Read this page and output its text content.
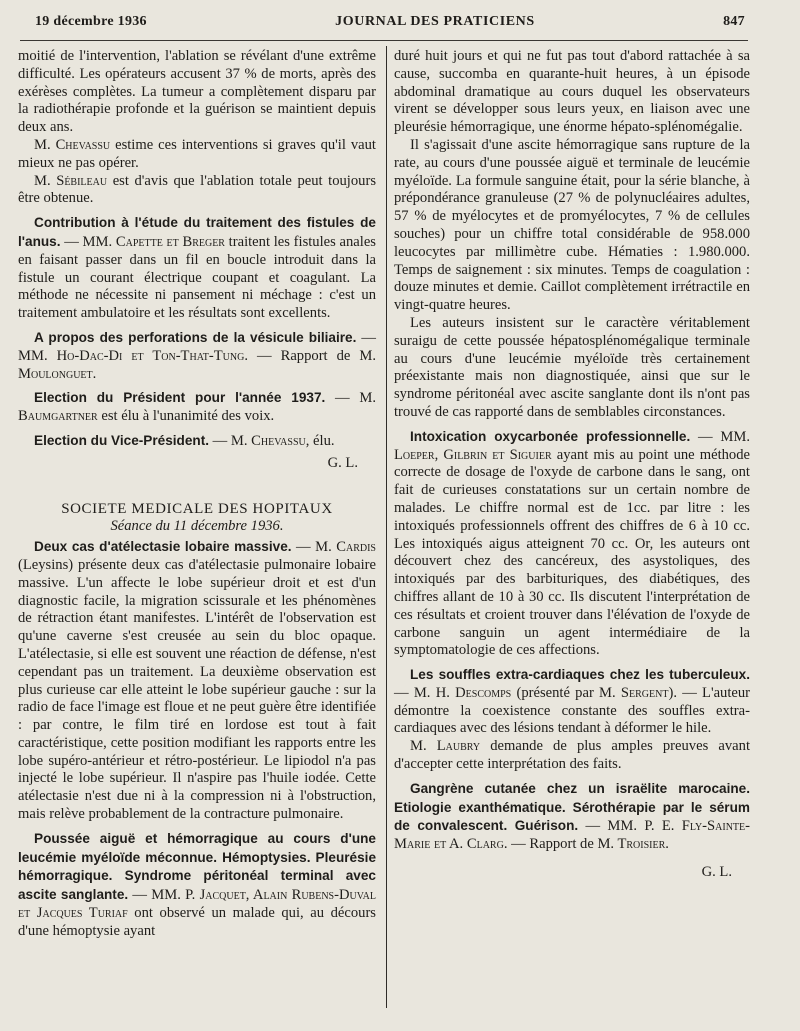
19 décembre 1936	JOURNAL DES PRATICIENS	847

moitié de l'intervention, l'ablation se révélant d'une extrême difficulté. Les opérateurs accusent 37 % de morts, après des exérèses complètes. La tumeur a complètement disparu par la radiothérapie profonde et la guérison se maintient depuis deux ans.

M. Chevassu estime ces interventions si graves qu'il vaut mieux ne pas opérer.

M. Sébileau est d'avis que l'ablation totale peut toujours être obtenue.

Contribution à l'étude du traitement des fistules de l'anus. — MM. Capette et Breger traitent les fistules anales en faisant passer dans un fil en boucle introduit dans la fistule un courant électrique coupant et coagulant. La méthode ne nécessite ni pansement ni méchage : c'est un traitement ambulatoire et les résultats sont excellents.

A propos des perforations de la vésicule biliaire. — MM. Ho-Dac-Di et Ton-That-Tung. — Rapport de M. Moulonguet.

Election du Président pour l'année 1937. — M. Baumgartner est élu à l'unanimité des voix.

Election du Vice-Président. — M. Chevassu, élu.

G. L.

SOCIETE MEDICALE DES HOPITAUX

Séance du 11 décembre 1936.

Deux cas d'atélectasie lobaire massive. — M. Cardis (Leysins) présente deux cas d'atélectasie pulmonaire lobaire massive. L'un affecte le lobe supérieur droit et est d'un diagnostic facile, la migration scissurale et les phénomènes de rétraction étant manifestes. L'intérêt de l'observation est qu'une caverne s'est creusée au sein du bloc opaque. L'atélectasie, si elle est souvent une réaction de défense, n'est cependant pas un traitement. La deuxième observation est plus curieuse car elle atteint le lobe supérieur gauche : sur la radio de face l'image est floue et ne peut guère être identifiée : par contre, le film tiré en lordose est tout à fait caractéristique, cette position modifiant les rapports entre les lobe supéro-antérieur et rétro-postérieur. Le lipiodol n'a pas injecté le lobe supérieur. Il n'aspire pas l'huile iodée. Cette atélectasie n'est due ni à la compression ni à l'obstruction, mais relève probablement de la contracture pulmonaire.

Poussée aiguë et hémorragique au cours d'une leucémie myéloïde méconnue. Hémoptysies. Pleurésie hémorragique. Syndrome péritonéal terminal avec ascite sanglante. — MM. P. Jacquet, Alain Rubens-Duval et Jacques Turiaf ont observé un malade qui, au décours d'une hémoptysie ayant

duré huit jours et qui ne fut pas tout d'abord rattachée à sa cause, succomba en quarante-huit heures, à un épisode abdominal dramatique au cours duquel les observateurs virent se développer sous leurs yeux, en liaison avec une pleurésie hémorragique, une énorme hépato-splénomégalie.

Il s'agissait d'une ascite hémorragique sans rupture de la rate, au cours d'une poussée aiguë et terminale de leucémie myéloïde. La formule sanguine était, pour la série blanche, à prépondérance granuleuse (27 % de polynucléaires adultes, 57 % de myélocytes et de promyélocytes, 7 % de cellules souches) pour un chiffre total considérable de 958.000 leucocytes par millimètre cube. Hématies : 1.980.000. Temps de saignement : six minutes. Temps de coagulation : douze minutes et demie. Caillot complètement irrétractile en vingt-quatre heures.

Les auteurs insistent sur le caractère véritablement suraigu de cette poussée hépatosplénomégalique terminale au cours d'une leucémie myéloïde très certainement préexistante mais non diagnostiquée, ainsi que sur le syndrome péritonéal avec ascite sanglante dont ils n'ont pas trouvé de cas rapporté dans de semblables circonstances.

Intoxication oxycarbonée professionnelle. — MM. Loeper, Gilbrin et Siguier ayant mis au point une méthode correcte de dosage de l'oxyde de carbone dans le sang, ont fait de curieuses constatations sur un certain nombre de malades. Le chiffre normal est de 1cc. par litre : les intoxiqués professionnels offrent des chiffres de 6 à 10 cc. Les intoxiqués aigus atteignent 70 cc. Or, les auteurs ont découvert chez des cancéreux, des asystoliques, des intoxiqués par des barbituriques, des diabétiques, des chiffres allant de 10 à 30 cc. Ils discutent l'interprétation de ces résultats et croient trouver dans l'élévation de l'oxyde de carbone sanguin un agent intermédiaire de la symptomatologie de ces affections.

Les souffles extra-cardiaques chez les tuberculeux. — M. H. Descomps (présenté par M. Sergent). — L'auteur démontre la coexistence constante des souffles extra-cardiaques avec des lésions tendant à déformer le hile.

M. Laubry demande de plus amples preuves avant d'accepter cette interprétation des faits.

Gangrène cutanée chez un israëlite marocaine. Etiologie exanthématique. Sérothérapie par le sérum de convalescent. Guérison. — MM. P. E. Fly-Sainte-Marie et A. Clarg. — Rapport de M. Troisier.

G. L.
